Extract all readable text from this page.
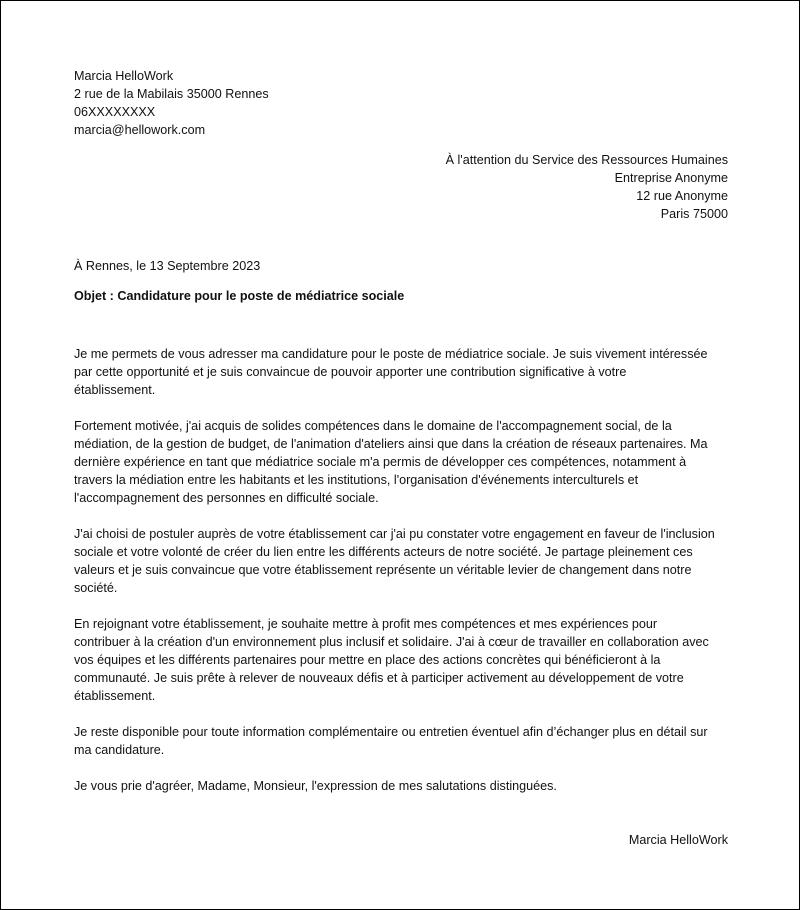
Marcia HelloWork
2 rue de la Mabilais 35000 Rennes
06XXXXXXXX
marcia@hellowork.com
À l'attention du Service des Ressources Humaines
Entreprise Anonyme
12 rue Anonyme
Paris 75000
À Rennes, le 13 Septembre 2023
Objet : Candidature pour le poste de médiatrice sociale
Je me permets de vous adresser ma candidature pour le poste de médiatrice sociale. Je suis vivement intéressée
par cette opportunité et je suis convaincue de pouvoir apporter une contribution significative à votre
établissement.
Fortement motivée, j'ai acquis de solides compétences dans le domaine de l'accompagnement social, de la
médiation, de la gestion de budget, de l'animation d'ateliers ainsi que dans la création de réseaux partenaires. Ma
dernière expérience en tant que médiatrice sociale m'a permis de développer ces compétences, notamment à
travers la médiation entre les habitants et les institutions, l'organisation d'événements interculturels et
l'accompagnement des personnes en difficulté sociale.
J'ai choisi de postuler auprès de votre établissement car j'ai pu constater votre engagement en faveur de l'inclusion
sociale et votre volonté de créer du lien entre les différents acteurs de notre société. Je partage pleinement ces
valeurs et je suis convaincue que votre établissement représente un véritable levier de changement dans notre
société.
En rejoignant votre établissement, je souhaite mettre à profit mes compétences et mes expériences pour
contribuer à la création d'un environnement plus inclusif et solidaire. J'ai à cœur de travailler en collaboration avec
vos équipes et les différents partenaires pour mettre en place des actions concrètes qui bénéficieront à la
communauté. Je suis prête à relever de nouveaux défis et à participer activement au développement de votre
établissement.
Je reste disponible pour toute information complémentaire ou entretien éventuel afin d’échanger plus en détail sur
ma candidature.
Je vous prie d'agréer, Madame, Monsieur, l'expression de mes salutations distinguées.
Marcia HelloWork
